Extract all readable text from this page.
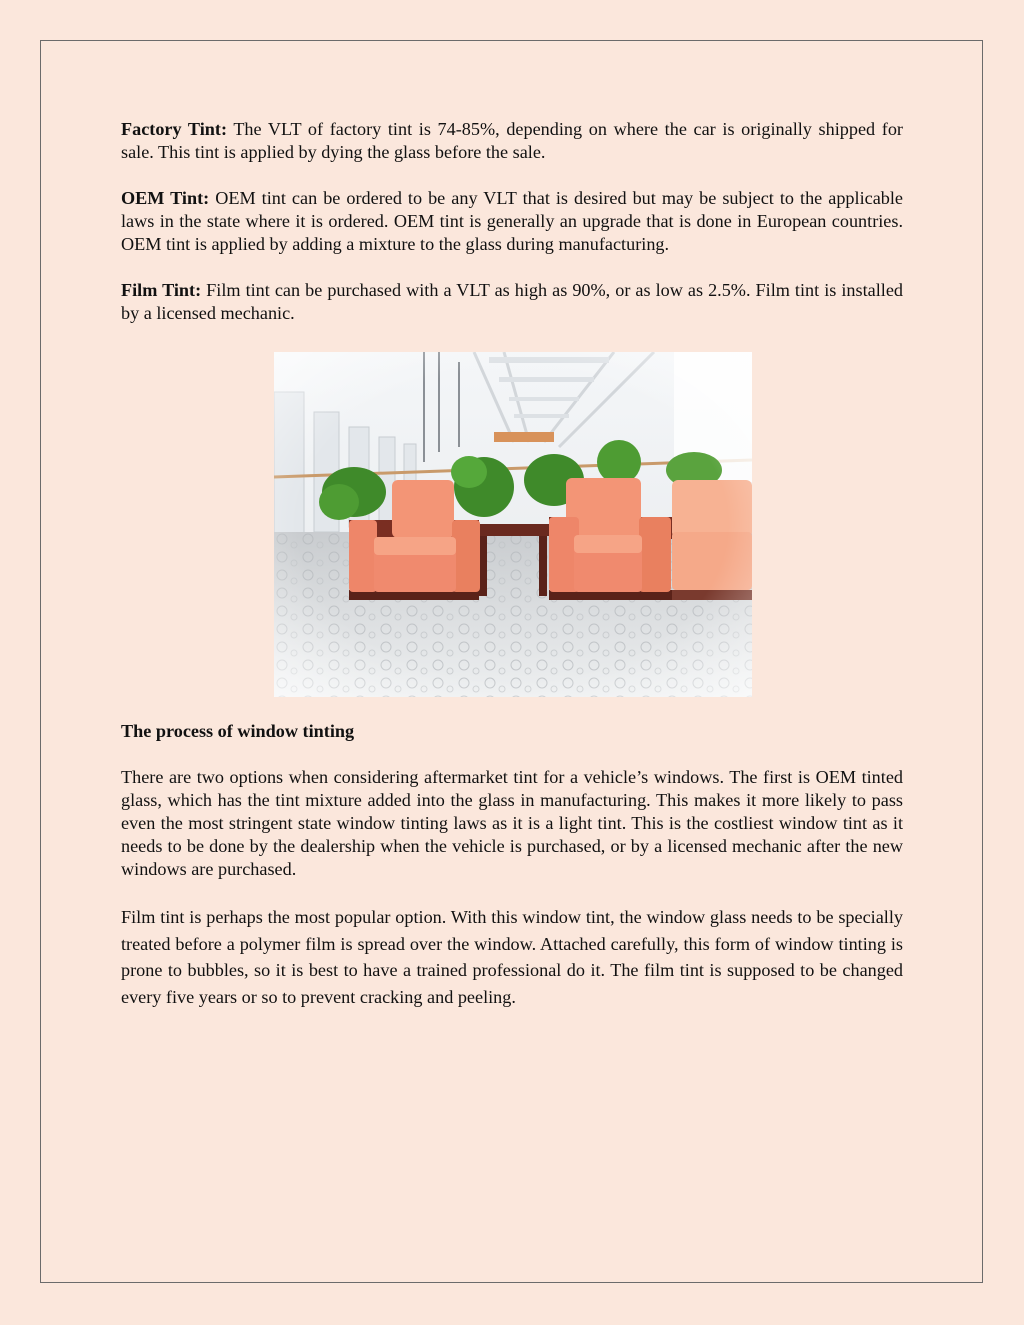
Factory Tint: The VLT of factory tint is 74-85%, depending on where the car is originally shipped for sale. This tint is applied by dying the glass before the sale.

OEM Tint: OEM tint can be ordered to be any VLT that is desired but may be subject to the applicable laws in the state where it is ordered. OEM tint is generally an upgrade that is done in European countries. OEM tint is applied by adding a mixture to the glass during manufacturing.

Film Tint: Film tint can be purchased with a VLT as high as 90%, or as low as 2.5%. Film tint is installed by a licensed mechanic.

The process of window tinting

There are two options when considering aftermarket tint for a vehicle’s windows. The first is OEM tinted glass, which has the tint mixture added into the glass in manufacturing. This makes it more likely to pass even the most stringent state window tinting laws as it is a light tint. This is the costliest window tint as it needs to be done by the dealership when the vehicle is purchased, or by a licensed mechanic after the new windows are purchased.

Film tint is perhaps the most popular option. With this window tint, the window glass needs to be specially treated before a polymer film is spread over the window. Attached carefully, this form of window tinting is prone to bubbles, so it is best to have a trained professional do it. The film tint is supposed to be changed every five years or so to prevent cracking and peeling.
